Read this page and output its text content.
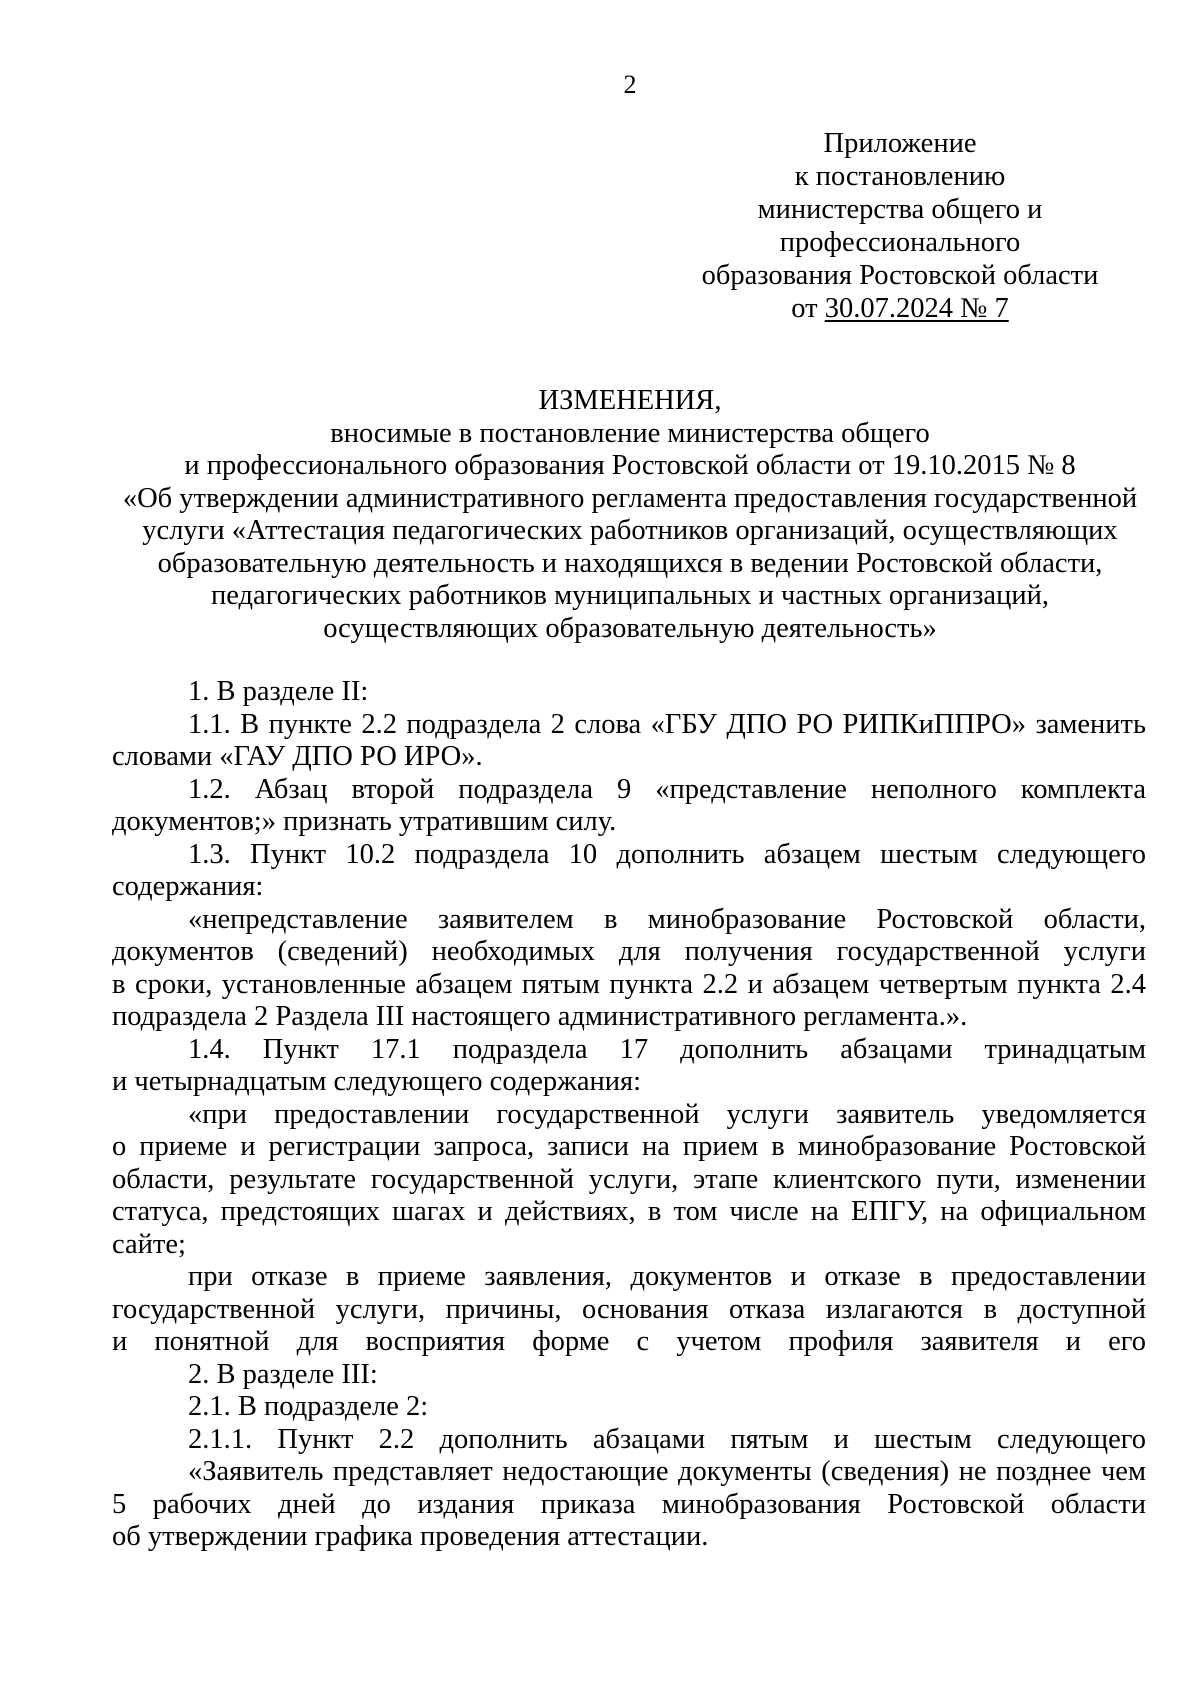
2
Приложение
к постановлению
министерства общего и
профессионального
образования Ростовской области
от 30.07.2024 № 7
ИЗМЕНЕНИЯ,
вносимые в постановление министерства общего
и профессионального образования Ростовской области от 19.10.2015 № 8
«Об утверждении административного регламента предоставления государственной
услуги «Аттестация педагогических работников организаций, осуществляющих
образовательную деятельность и находящихся в ведении Ростовской области,
педагогических работников муниципальных и частных организаций,
осуществляющих образовательную деятельность»
1. В разделе II:
1.1. В пункте 2.2 подраздела 2 слова «ГБУ ДПО РО РИПКиППРО» заменить
словами «ГАУ ДПО РО ИРО».
1.2. Абзац второй подраздела 9 «представление неполного комплекта
документов;» признать утратившим силу.
1.3. Пункт 10.2 подраздела 10 дополнить абзацем шестым следующего
содержания:
«непредставление заявителем в минобразование Ростовской области,
документов (сведений) необходимых для получения государственной услуги
в сроки, установленные абзацем пятым пункта 2.2 и абзацем четвертым пункта 2.4
подраздела 2 Раздела III настоящего административного регламента.».
1.4. Пункт 17.1 подраздела 17 дополнить абзацами тринадцатым
и четырнадцатым следующего содержания:
«при предоставлении государственной услуги заявитель уведомляется
о приеме и регистрации запроса, записи на прием в минобразование Ростовской
области, результате государственной услуги, этапе клиентского пути, изменении
статуса, предстоящих шагах и действиях, в том числе на ЕПГУ, на официальном
сайте;
при отказе в приеме заявления, документов и отказе в предоставлении
государственной услуги, причины, основания отказа излагаются в доступной
и понятной для восприятия форме с учетом профиля заявителя и его
2. В разделе III:
2.1. В подразделе 2:
2.1.1. Пункт 2.2 дополнить абзацами пятым и шестым следующего
«Заявитель представляет недостающие документы (сведения) не позднее чем
5 рабочих дней до издания приказа минобразования Ростовской области
об утверждении графика проведения аттестации.
